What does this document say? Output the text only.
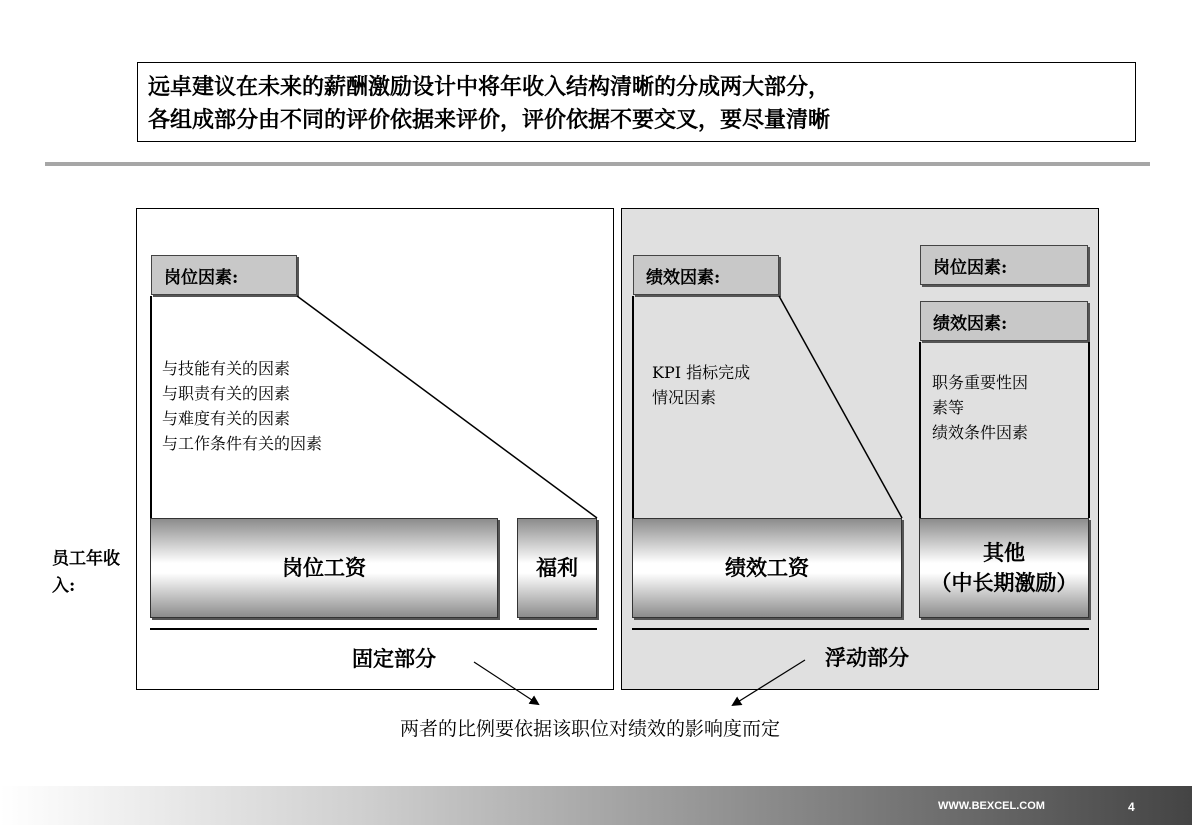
远卓建议在未来的薪酬激励设计中将年收入结构清晰的分成两大部分，
各组成部分由不同的评价依据来评价，评价依据不要交叉，要尽量清晰
员工年收
入:
岗位因素:
与技能有关的因素
与职责有关的因素
与难度有关的因素
与工作条件有关的因素
岗位工资	福利
固定部分
绩效因素:
KPI 指标完成
情况因素
岗位因素:
绩效因素:
职务重要性因
素等
绩效条件因素
绩效工资
其他
（中长期激励）
浮动部分
两者的比例要依据该职位对绩效的影响度而定
WWW.BEXCEL.COM	4
